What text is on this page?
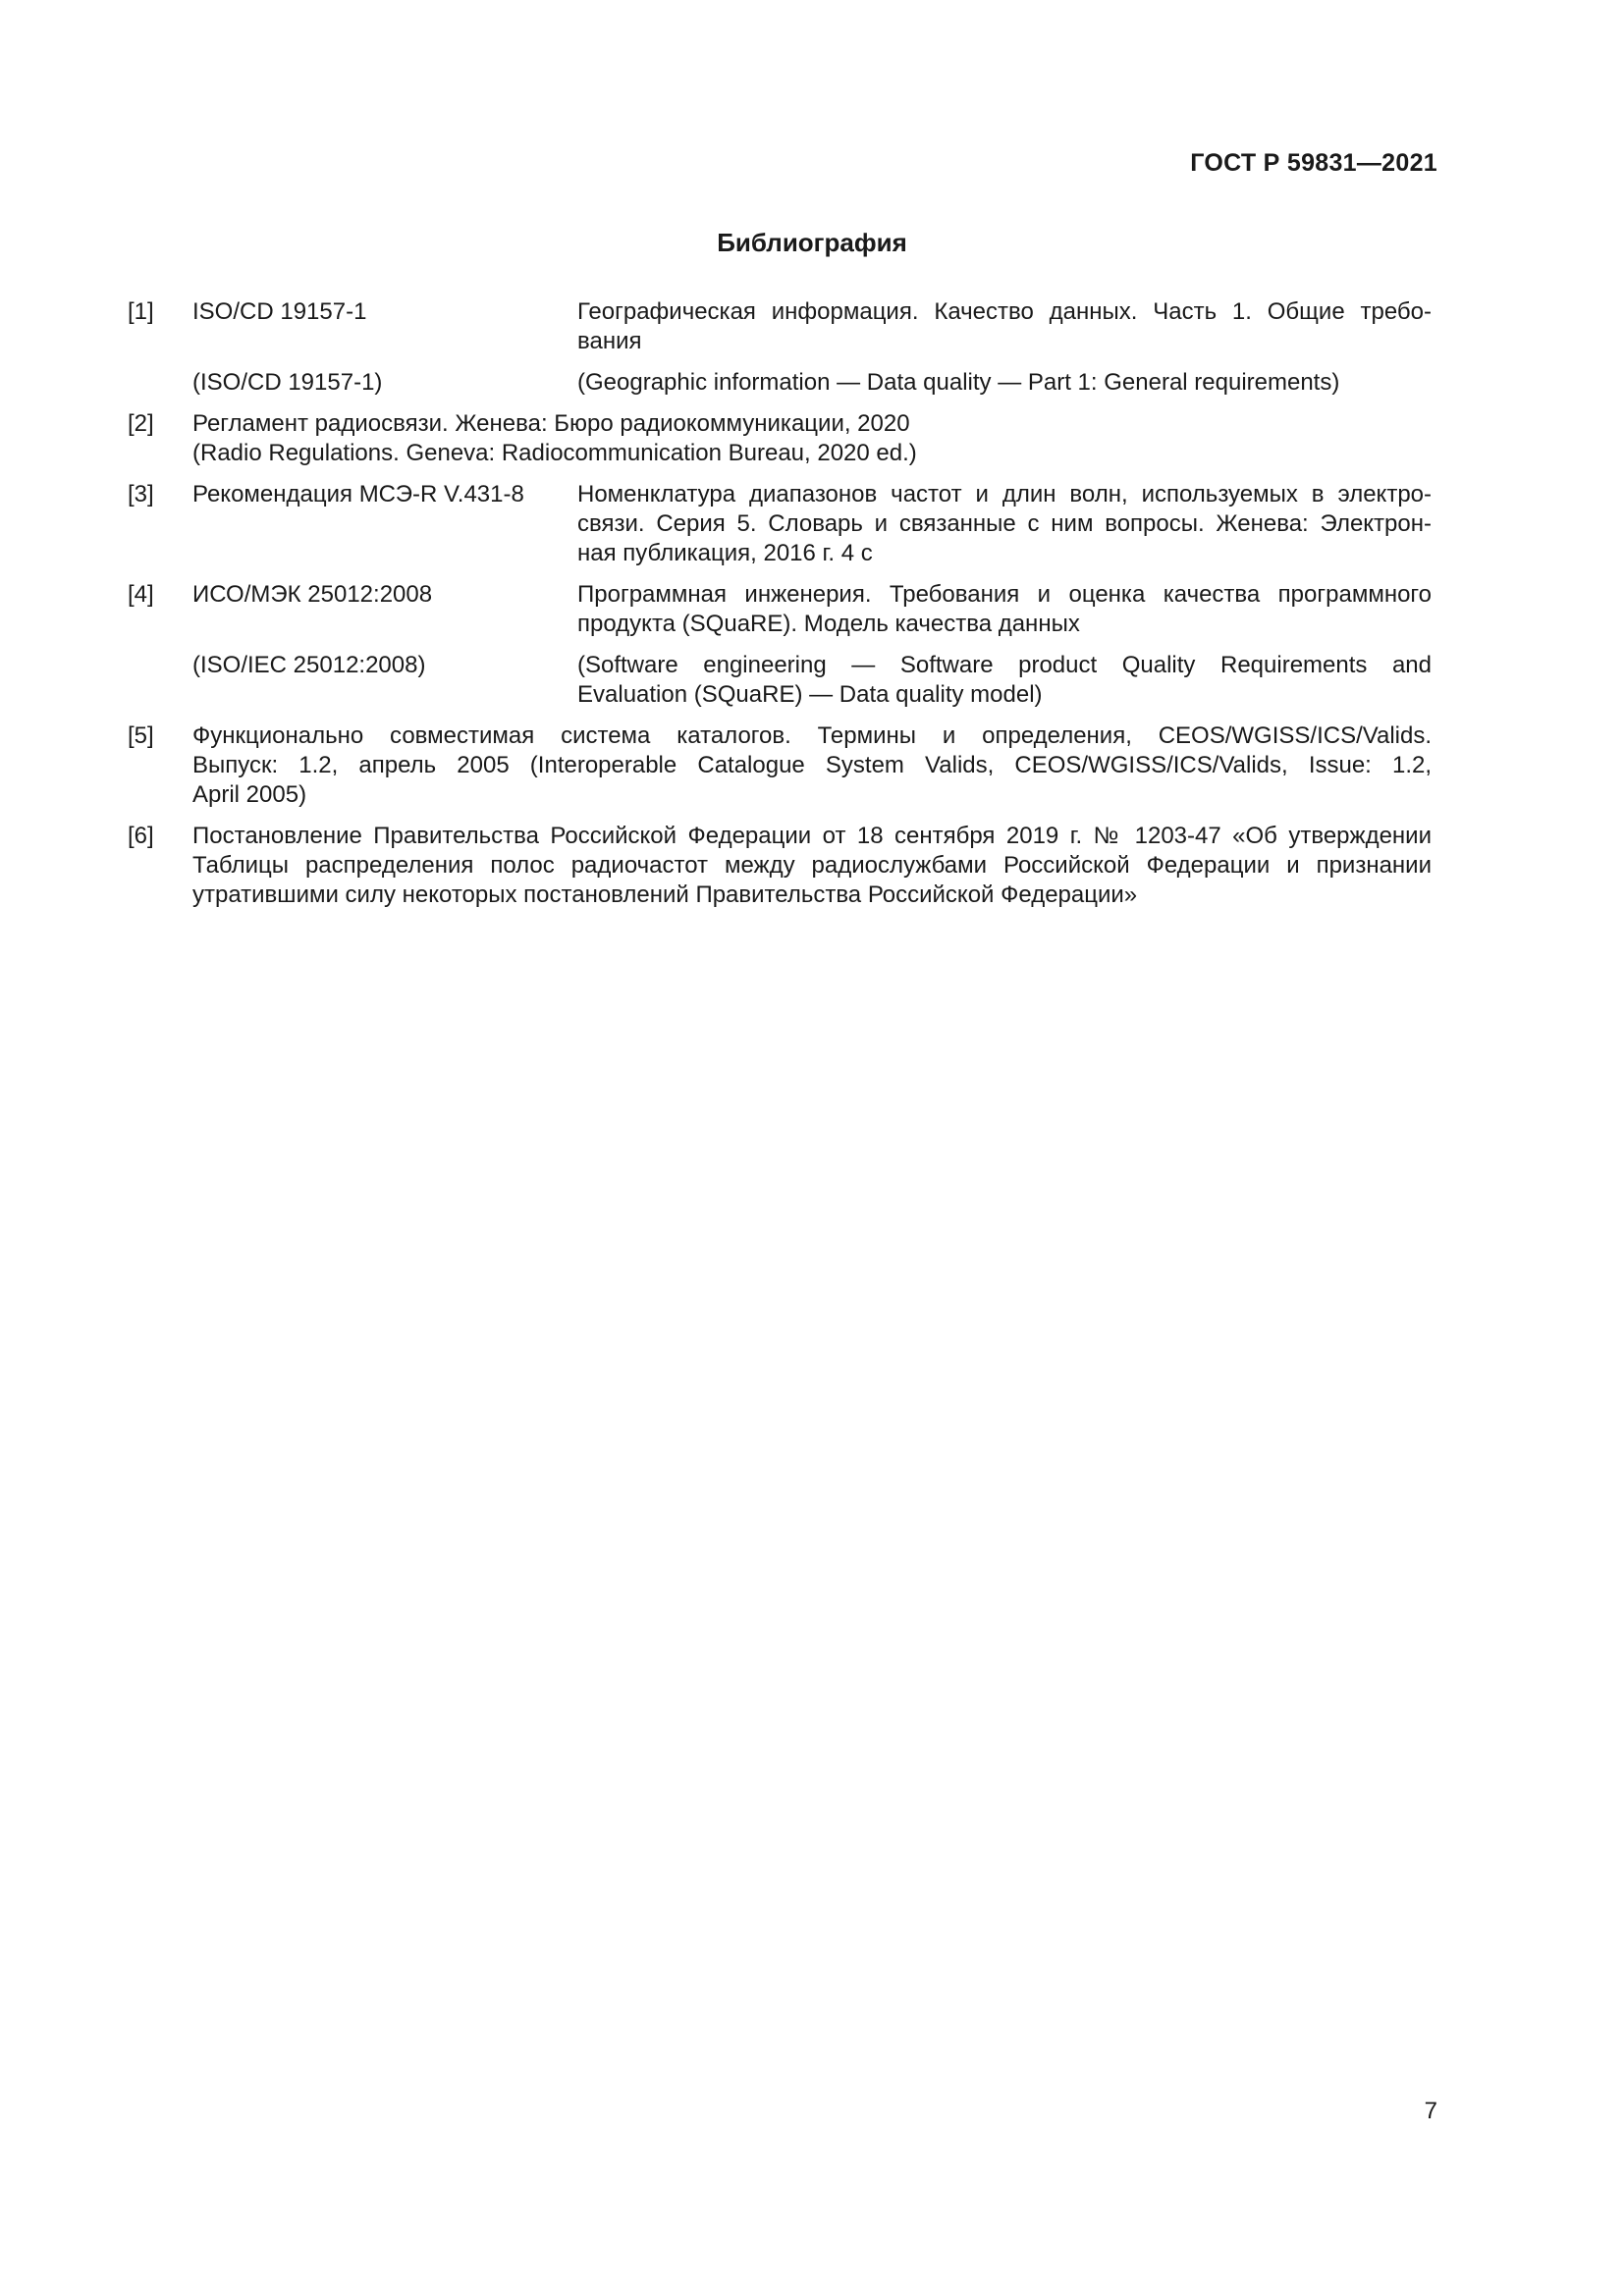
ГОСТ Р 59831—2021
Библиография
[1]	ISO/CD 19157-1	Географическая информация. Качество данных. Часть 1. Общие требо-
вания
(ISO/CD 19157-1)	(Geographic information — Data quality — Part 1: General requirements)
[2]	Регламент радиосвязи. Женева: Бюро радиокоммуникации, 2020
(Radio Regulations. Geneva: Radiocommunication Bureau, 2020 ed.)
[3]	Рекомендация МСЭ-R V.431-8	Номенклатура диапазонов частот и длин волн, используемых в электро-
связи. Серия 5. Словарь и связанные с ним вопросы. Женева: Электрон-
ная публикация, 2016 г. 4 с
[4]	ИСО/МЭК 25012:2008	Программная инженерия. Требования и оценка качества программного
продукта (SQuaRE). Модель качества данных
(ISO/IEC 25012:2008)	(Software engineering — Software product Quality Requirements and
Evaluation (SQuaRE) — Data quality model)
[5]	Функционально совместимая система каталогов. Термины и определения, CEOS/WGISS/ICS/Valids.
Выпуск: 1.2, апрель 2005 (Interoperable Catalogue System Valids, CEOS/WGISS/ICS/Valids, Issue: 1.2,
April 2005)
[6]	Постановление Правительства Российской Федерации от 18 сентября 2019 г. № 1203-47 «Об утверждении
Таблицы распределения полос радиочастот между радиослужбами Российской Федерации и признании
утратившими силу некоторых постановлений Правительства Российской Федерации»
7
